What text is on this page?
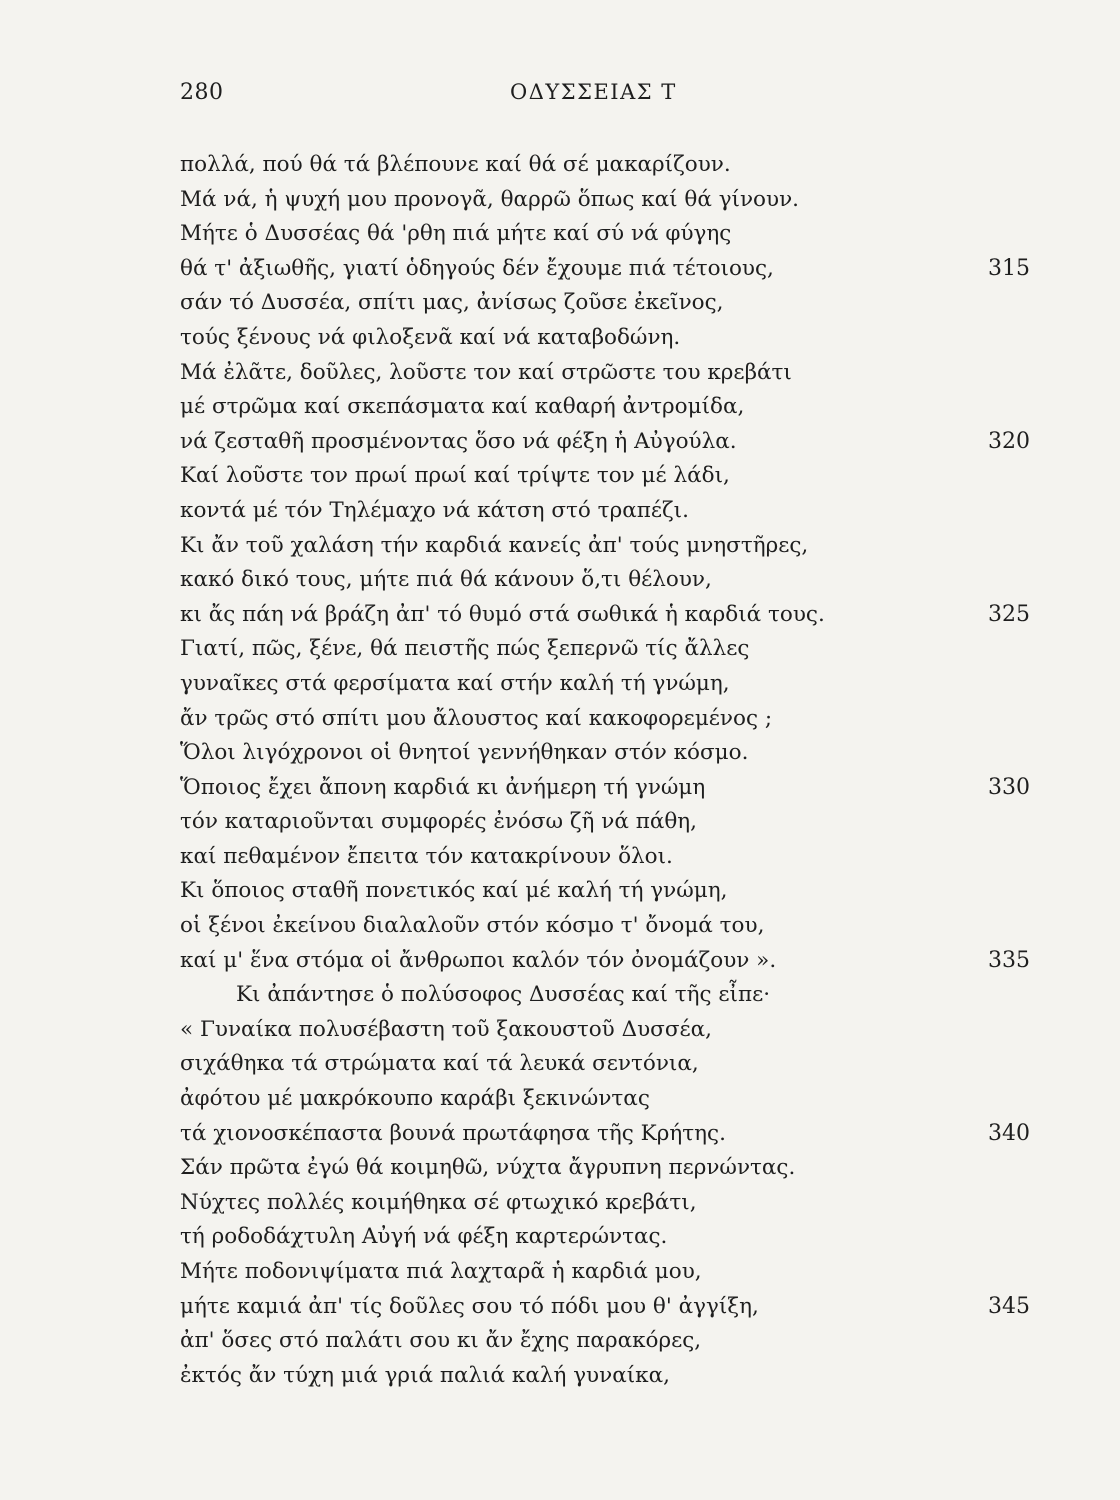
280	ΟΔΥΣΣΕΙΑΣ Τ
πολλά, πού θά τά βλέπουνε καί θά σέ μακαρίζουν.
Μά νά, ἡ ψυχή μου προνογᾶ, θαρρῶ ὅπως καί θά γίνουν.
Μήτε ὁ Δυσσέας θά 'ρθη πιά μήτε καί σύ νά φύγης
θά τ' ἀξιωθῆς, γιατί ὁδηγούς δέν ἔχουμε πιά τέτοιους,	315
σάν τό Δυσσέα, σπίτι μας, ἀνίσως ζοῦσε ἐκεῖνος,
τούς ξένους νά φιλοξενᾶ καί νά καταβοδώνη.
Μά ἐλᾶτε, δοῦλες, λοῦστε τον καί στρῶστε του κρεβάτι
μέ στρῶμα καί σκεπάσματα καί καθαρή ἀντρομίδα,
νά ζεσταθῆ προσμένοντας ὅσο νά φέξη ἡ Αὐγούλα.	320
Καί λοῦστε τον πρωί πρωί καί τρίψτε τον μέ λάδι,
κοντά μέ τόν Τηλέμαχο νά κάτση στό τραπέζι.
Κι ἄν τοῦ χαλάση τήν καρδιά κανείς ἀπ' τούς μνηστῆρες,
κακό δικό τους, μήτε πιά θά κάνουν ὅ,τι θέλουν,
κι ἄς πάη νά βράζη ἀπ' τό θυμό στά σωθικά ἡ καρδιά τους.	325
Γιατί, πῶς, ξένε, θά πειστῆς πώς ξεπερνῶ τίς ἄλλες
γυναῖκες στά φερσίματα καί στήν καλή τή γνώμη,
ἄν τρῶς στό σπίτι μου ἄλουστος καί κακοφορεμένος ;
Ὅλοι λιγόχρονοι οἱ θνητοί γεννήθηκαν στόν κόσμο.
Ὅποιος ἔχει ἄπονη καρδιά κι ἀνήμερη τή γνώμη	330
τόν καταριοῦνται συμφορές ἐνόσω ζῆ νά πάθη,
καί πεθαμένον ἔπειτα τόν κατακρίνουν ὅλοι.
Κι ὅποιος σταθῆ πονετικός καί μέ καλή τή γνώμη,
οἱ ξένοι ἐκείνου διαλαλοῦν στόν κόσμο τ' ὄνομά του,
καί μ' ἕνα στόμα οἱ ἄνθρωποι καλόν τόν ὀνομάζουν ».	335
Κι ἀπάντησε ὁ πολύσοφος Δυσσέας καί τῆς εἶπε·
« Γυναίκα πολυσέβαστη τοῦ ξακουστοῦ Δυσσέα,
σιχάθηκα τά στρώματα καί τά λευκά σεντόνια,
ἀφότου μέ μακρόκουπο καράβι ξεκινώντας
τά χιονοσκέπαστα βουνά πρωτάφησα τῆς Κρήτης.	340
Σάν πρῶτα ἐγώ θά κοιμηθῶ, νύχτα ἄγρυπνη περνώντας.
Νύχτες πολλές κοιμήθηκα σέ φτωχικό κρεβάτι,
τή ροδοδάχτυλη Αὐγή νά φέξη καρτερώντας.
Μήτε ποδονιψίματα πιά λαχταρᾶ ἡ καρδιά μου,
μήτε καμιά ἀπ' τίς δοῦλες σου τό πόδι μου θ' ἀγγίξη,	345
ἀπ' ὅσες στό παλάτι σου κι ἄν ἔχης παρακόρες,
ἐκτός ἄν τύχη μιά γριά παλιά καλή γυναίκα,
